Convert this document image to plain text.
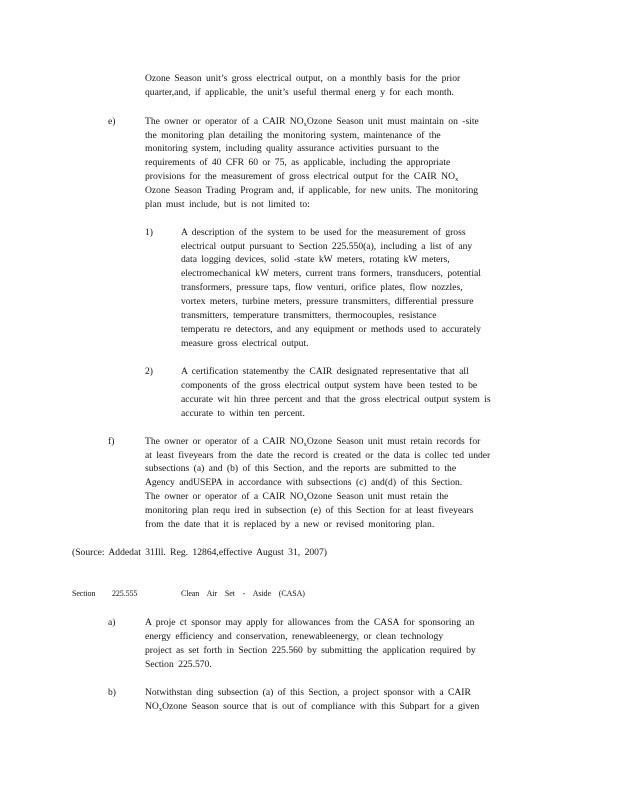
Ozone Season unit’s gross electrical output, on a monthly basis for the prior
quarter,and, if applicable, the unit’s useful thermal energ y for each month.
e)	The owner or operator of a CAIR $NO_xOzone$ Season unit must maintain on -site
the monitoring plan detailing the monitoring system, maintenance of the
monitoring system, including quality assurance activities pursuant to the
requirements of 40 CFR 60 or 75, as applicable, including the appropriate
provisions for the measurement of gross electrical output for the CAIR $NO_x$
Ozone Season Trading Program and, if applicable, for new units. The monitoring
plan must include, but is not limited to:
1)	A description of the system to be used for the measurement of gross
electrical output pursuant to Section 225.550(a), including a list of any
data logging devices, solid -state kW meters, rotating kW meters,
electromechanical kW meters, current trans formers, transducers, potential
transformers, pressure taps, flow venturi, orifice plates, flow nozzles,
vortex meters, turbine meters, pressure transmitters, differential pressure
transmitters, temperature transmitters, thermocouples, resistance
temperatu re detectors, and any equipment or methods used to accurately
measure gross electrical output.
2)	A certification statementby the CAIR designated representative that all
components of the gross electrical output system have been tested to be
accurate wit hin three percent and that the gross electrical output system is
accurate to within ten percent.
f)	The owner or operator of a CAIR $NO_xOzone$ Season unit must retain records for
at least fiveyears from the date the record is created or the data is collec ted under
subsections (a) and (b) of this Section, and the reports are submitted to the
Agency andUSEPA in accordance with subsections (c) and(d) of this Section.
The owner or operator of a CAIR $NO_xOzone$ Season unit must retain the
monitoring plan requ ired in subsection (e) of this Section for at least fiveyears
from the date that it is replaced by a new or revised monitoring plan.
(Source: Addedat 31Ill. Reg. 12864,effective August 31, 2007)
Section 225.555	Clean Air Set - Aside (CASA)
a)	A proje ct sponsor may apply for allowances from the CASA for sponsoring an
energy efficiency and conservation, renewableenergy, or clean technology
project as set forth in Section 225.560 by submitting the application required by
Section 225.570.
b)	Notwithstan ding subsection (a) of this Section, a project sponsor with a CAIR
$NO_xOzone$ Season source that is out of compliance with this Subpart for a given
